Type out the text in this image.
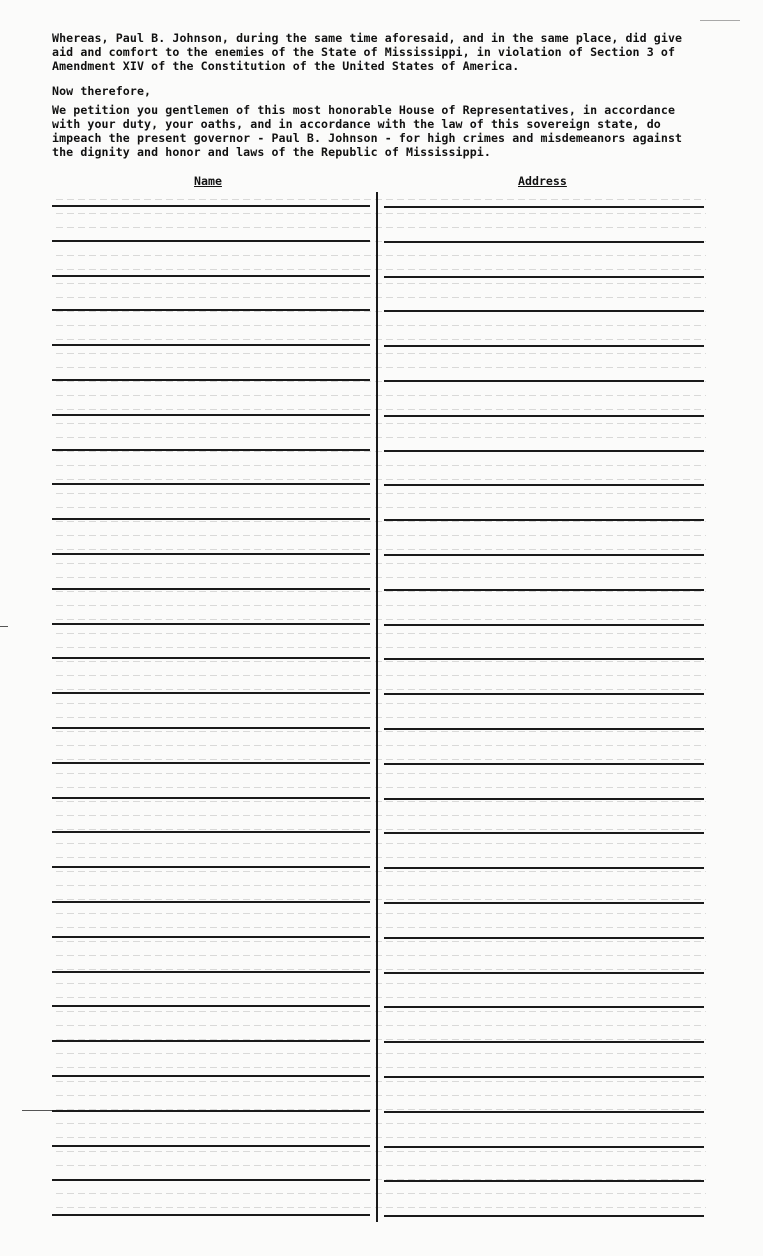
Whereas, Paul B. Johnson, during the same time aforesaid, and in the same place, did give aid and comfort to the enemies of the State of Mississippi, in violation of Section 3 of Amendment XIV of the Constitution of the United States of America.
Now therefore,
We petition you gentlemen of this most honorable House of Representatives, in accordance with your duty, your oaths, and in accordance with the law of this sovereign state, do impeach the present governor - Paul B. Johnson - for high crimes and misdemeanors against the dignity and honor and laws of the Republic of Mississippi.
Name	Address
